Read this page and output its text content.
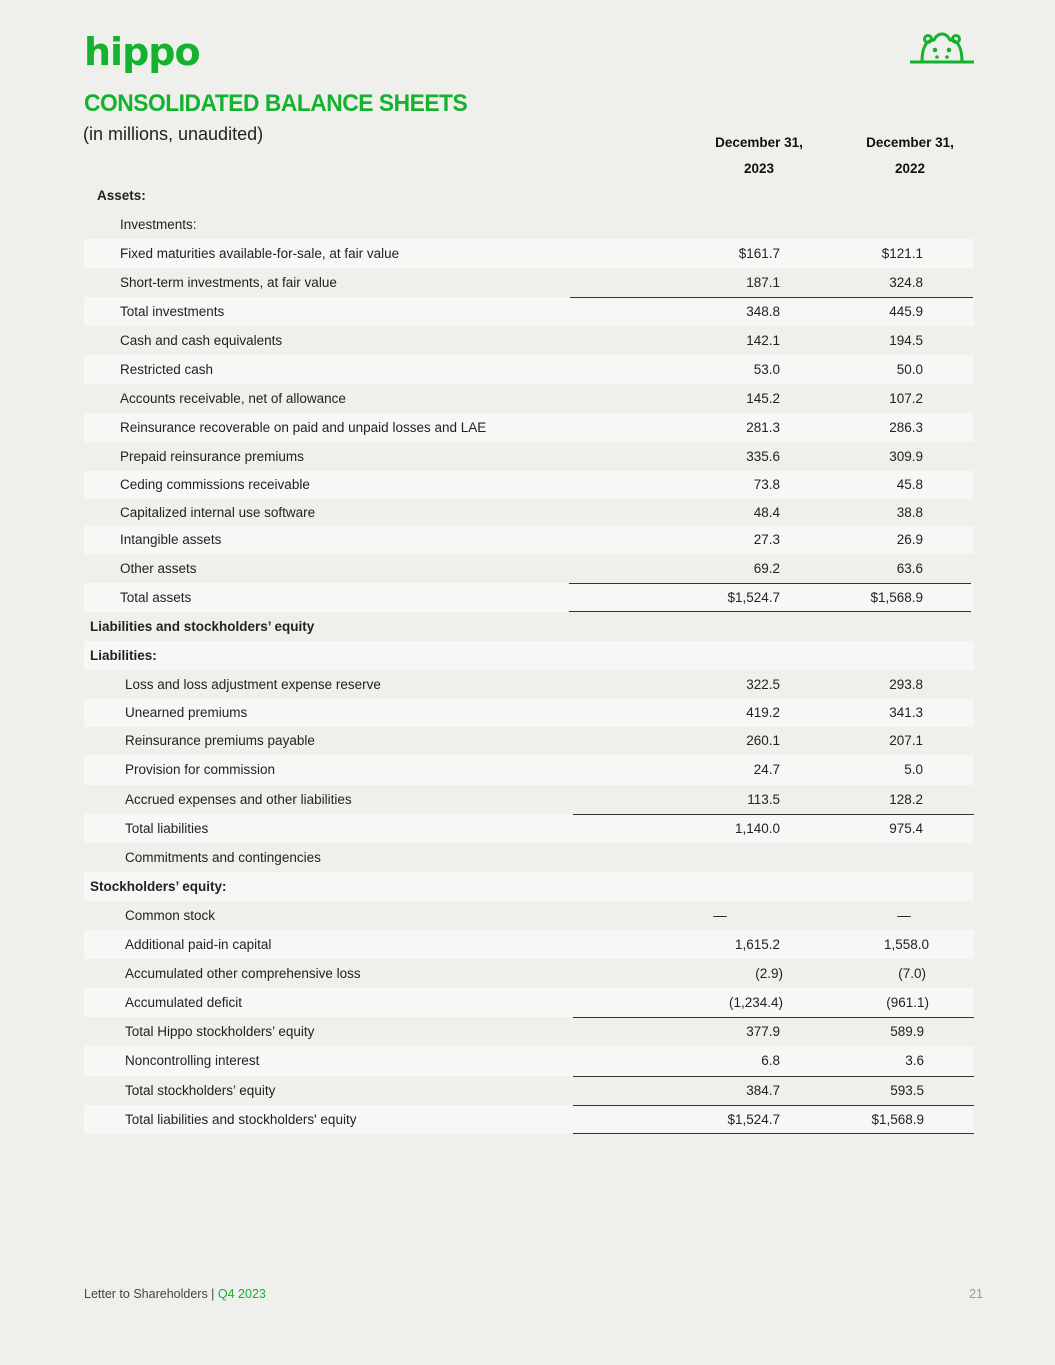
hippo
CONSOLIDATED BALANCE SHEETS
(in millions, unaudited)	December 31,
2023
December 31,
2022
Assets:
Investments:
Fixed maturities available-for-sale, at fair value	$161.7	$121.1
Short-term investments, at fair value	187.1	324.8
Total investments	348.8	445.9
Cash and cash equivalents	142.1	194.5
Restricted cash	53.0	50.0
Accounts receivable, net of allowance	145.2	107.2
Reinsurance recoverable on paid and unpaid losses and LAE	281.3	286.3
Prepaid reinsurance premiums	335.6	309.9
Ceding commissions receivable	73.8	45.8
Capitalized internal use software	48.4	38.8
Intangible assets	27.3	26.9
Other assets	69.2	63.6
Total assets	$1,524.7	$1,568.9
Liabilities and stockholders’ equity
Liabilities:
Loss and loss adjustment expense reserve	322.5	293.8
Unearned premiums	419.2	341.3
Reinsurance premiums payable	260.1	207.1
Provision for commission	24.7	5.0
Accrued expenses and other liabilities	113.5	128.2
Total liabilities	1,140.0	975.4
Commitments and contingencies
Stockholders’ equity:
Common stock	—	—
Additional paid-in capital	1,615.2	1,558.0
Accumulated other comprehensive loss	(2.9)	(7.0)
Accumulated deficit	(1,234.4)	(961.1)
Total Hippo stockholders’ equity	377.9	589.9
Noncontrolling interest	6.8	3.6
Total stockholders’ equity	384.7	593.5
Total liabilities and stockholders' equity	$1,524.7	$1,568.9
Letter to Shareholders | Q4 2023	21
